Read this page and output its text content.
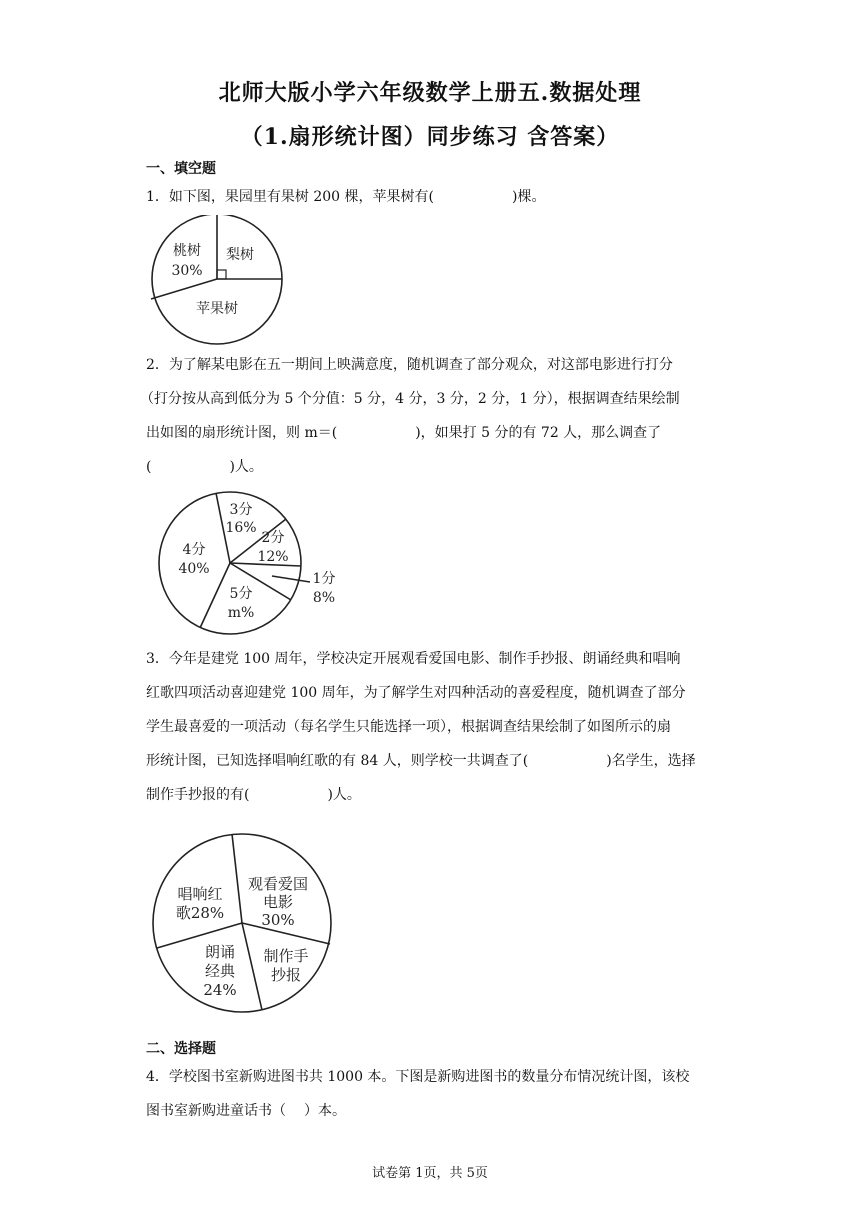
北师大版小学六年级数学上册五.数据处理
（1.扇形统计图）同步练习 含答案）
一、填空题
1．如下图，果园里有果树 200 棵，苹果树有(	)棵。
桃树
30%
梨树
苹果树
2．为了解某电影在五一期间上映满意度，随机调查了部分观众，对这部电影进行打分
（打分按从高到低分为 5 个分值：5 分，4 分，3 分，2 分，1 分），根据调查结果绘制
出如图的扇形统计图，则 m＝(	)，如果打 5 分的有 72 人，那么调查了
(	)人。
3分
16%
2分
12%
1分
8%
5分
m%
4分
40%
3．今年是建党 100 周年，学校决定开展观看爱国电影、制作手抄报、朗诵经典和唱响
红歌四项活动喜迎建党 100 周年，为了解学生对四种活动的喜爱程度，随机调查了部分
学生最喜爱的一项活动（每名学生只能选择一项），根据调查结果绘制了如图所示的扇
形统计图，已知选择唱响红歌的有 84 人，则学校一共调查了(	)名学生，选择
制作手抄报的有(	)人。
观看爱国
电影
30%
制作手
抄报
朗诵
经典
24%
唱响红
歌28%
二、选择题
4．学校图书室新购进图书共 1000 本。下图是新购进图书的数量分布情况统计图，该校
图书室新购进童话书（ ）本。
试卷第 1页，共 5页
